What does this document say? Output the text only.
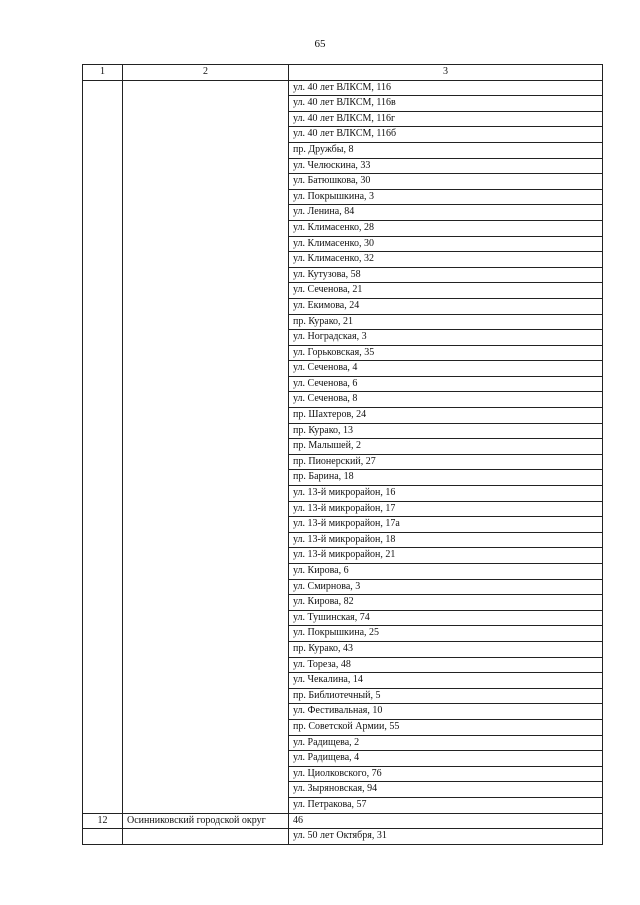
65
1	2	3
		ул. 40 лет ВЛКСМ, 116
		ул. 40 лет ВЛКСМ, 116в
		ул. 40 лет ВЛКСМ, 116г
		ул. 40 лет ВЛКСМ, 116б
		пр. Дружбы, 8
		ул. Челюскина, 33
		ул. Батюшкова, 30
		ул. Покрышкина, 3
		ул. Ленина, 84
		ул. Климасенко, 28
		ул. Климасенко, 30
		ул. Климасенко, 32
		ул. Кутузова, 58
		ул. Сеченова, 21
		ул. Екимова, 24
		пр. Курако, 21
		ул. Ноградская, 3
		ул. Горьковская, 35
		ул. Сеченова, 4
		ул. Сеченова, 6
		ул. Сеченова, 8
		пр. Шахтеров, 24
		пр. Курако, 13
		пр. Малышей, 2
		пр. Пионерский, 27
		пр. Барина, 18
		ул. 13-й микрорайон, 16
		ул. 13-й микрорайон, 17
		ул. 13-й микрорайон, 17а
		ул. 13-й микрорайон, 18
		ул. 13-й микрорайон, 21
		ул. Кирова, 6
		ул. Смирнова, 3
		ул. Кирова, 82
		ул. Тушинская, 74
		ул. Покрышкина, 25
		пр. Курако, 43
		ул. Тореза, 48
		ул. Чекалина, 14
		пр. Библиотечный, 5
		ул. Фестивальная, 10
		пр. Советской Армии, 55
		ул. Радищева, 2
		ул. Радищева, 4
		ул. Циолковского, 76
		ул. Зыряновская, 94
		ул. Петракова, 57
12	Осинниковский городской округ	46
		ул. 50 лет Октября, 31
